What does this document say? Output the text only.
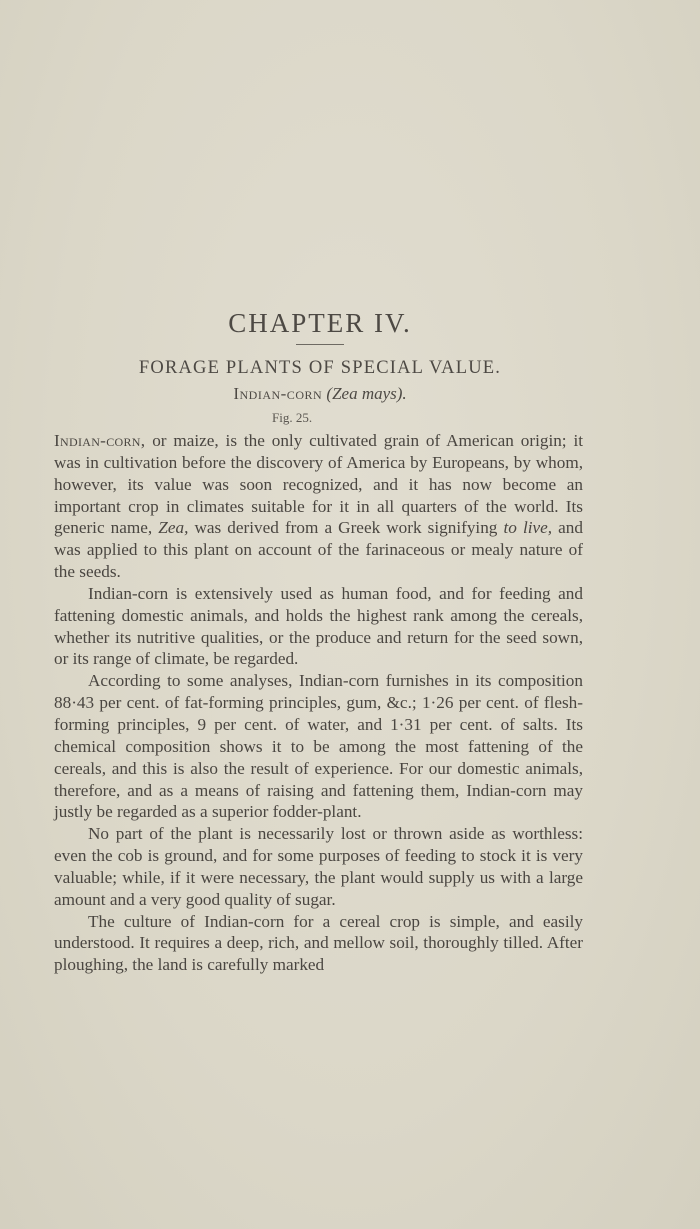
CHAPTER IV.
FORAGE PLANTS OF SPECIAL VALUE.
Indian-corn (Zea mays).
Fig. 25.

Indian-corn, or maize, is the only cultivated grain of American origin; it was in cultivation before the discovery of America by Europeans, by whom, however, its value was soon recognized, and it has now become an important crop in climates suitable for it in all quarters of the world. Its generic name, Zea, was derived from a Greek work signifying to live, and was applied to this plant on account of the farinaceous or mealy nature of the seeds.

Indian-corn is extensively used as human food, and for feeding and fattening domestic animals, and holds the highest rank among the cereals, whether its nutritive qualities, or the produce and return for the seed sown, or its range of climate, be regarded.

According to some analyses, Indian-corn furnishes in its composition 88·43 per cent. of fat-forming principles, gum, &c.; 1·26 per cent. of flesh-forming principles, 9 per cent. of water, and 1·31 per cent. of salts. Its chemical composition shows it to be among the most fattening of the cereals, and this is also the result of experience. For our domestic animals, therefore, and as a means of raising and fattening them, Indian-corn may justly be regarded as a superior fodder-plant.

No part of the plant is necessarily lost or thrown aside as worthless: even the cob is ground, and for some purposes of feeding to stock it is very valuable; while, if it were necessary, the plant would supply us with a large amount and a very good quality of sugar.

The culture of Indian-corn for a cereal crop is simple, and easily understood. It requires a deep, rich, and mellow soil, thoroughly tilled. After ploughing, the land is carefully marked
